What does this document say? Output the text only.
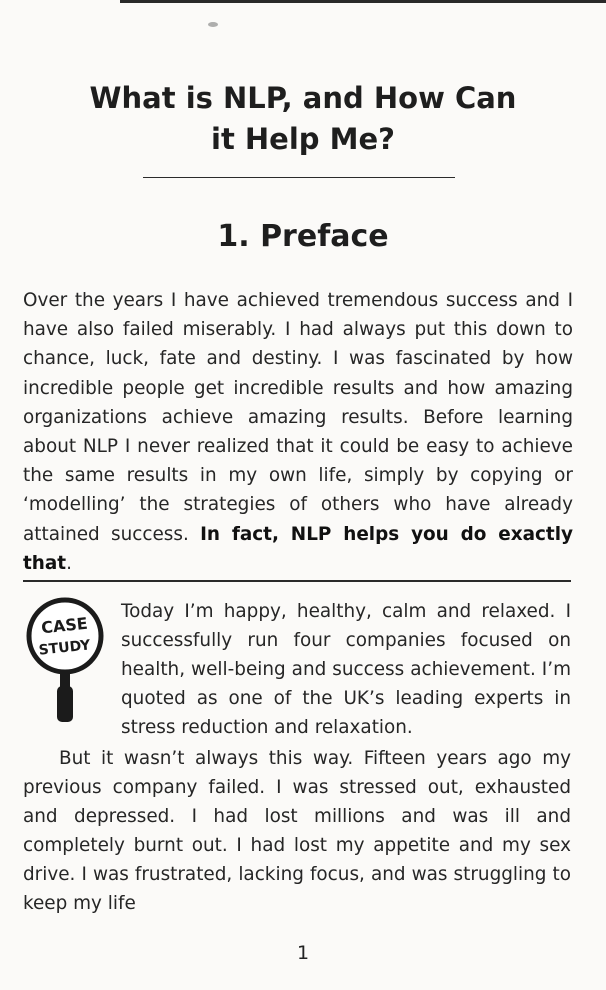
What is NLP, and How Can
it Help Me?
1. Preface

Over the years I have achieved tremendous success and I have also failed miserably. I had always put this down to chance, luck, fate and destiny. I was fascinated by how incredible people get incredible results and how amazing organizations achieve amazing results. Before learning about NLP I never realized that it could be easy to achieve the same results in my own life, simply by copying or ‘modelling’ the strategies of others who have already attained success. In fact, NLP helps you do exactly that.

CASE
STUDY

Today I’m happy, healthy, calm and relaxed. I successfully run four companies focused on health, well-being and success achievement. I’m quoted as one of the UK’s leading experts in stress reduction and relaxation.

But it wasn’t always this way. Fifteen years ago my previous company failed. I was stressed out, exhausted and depressed. I had lost millions and was ill and completely burnt out. I had lost my appetite and my sex drive. I was frustrated, lacking focus, and was struggling to keep my life

1
